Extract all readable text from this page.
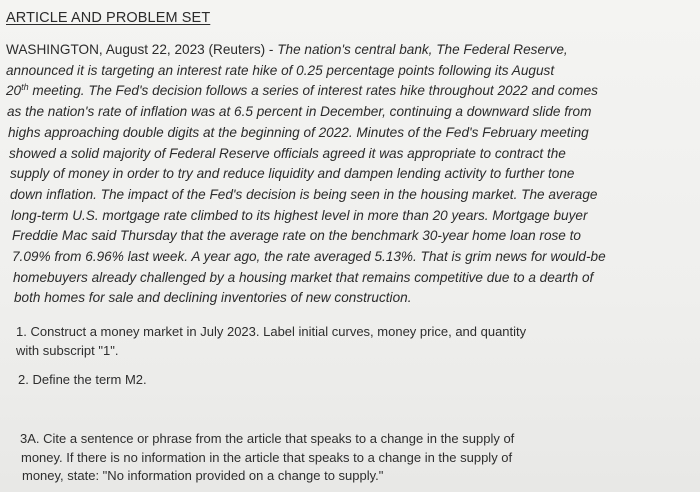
ARTICLE AND PROBLEM SET
WASHINGTON, August 22, 2023 (Reuters) - The nation's central bank, The Federal Reserve,
announced it is targeting an interest rate hike of 0.25 percentage points following its August
20th meeting. The Fed's decision follows a series of interest rates hike throughout 2022 and comes
as the nation's rate of inflation was at 6.5 percent in December, continuing a downward slide from
highs approaching double digits at the beginning of 2022. Minutes of the Fed's February meeting
showed a solid majority of Federal Reserve officials agreed it was appropriate to contract the
supply of money in order to try and reduce liquidity and dampen lending activity to further tone
down inflation. The impact of the Fed's decision is being seen in the housing market. The average
long-term U.S. mortgage rate climbed to its highest level in more than 20 years. Mortgage buyer
Freddie Mac said Thursday that the average rate on the benchmark 30-year home loan rose to
7.09% from 6.96% last week. A year ago, the rate averaged 5.13%. That is grim news for would-be
homebuyers already challenged by a housing market that remains competitive due to a dearth of
both homes for sale and declining inventories of new construction.
1. Construct a money market in July 2023. Label initial curves, money price, and quantity
with subscript "1".
2. Define the term M2.
3A. Cite a sentence or phrase from the article that speaks to a change in the supply of
money. If there is no information in the article that speaks to a change in the supply of
money, state: "No information provided on a change to supply."
